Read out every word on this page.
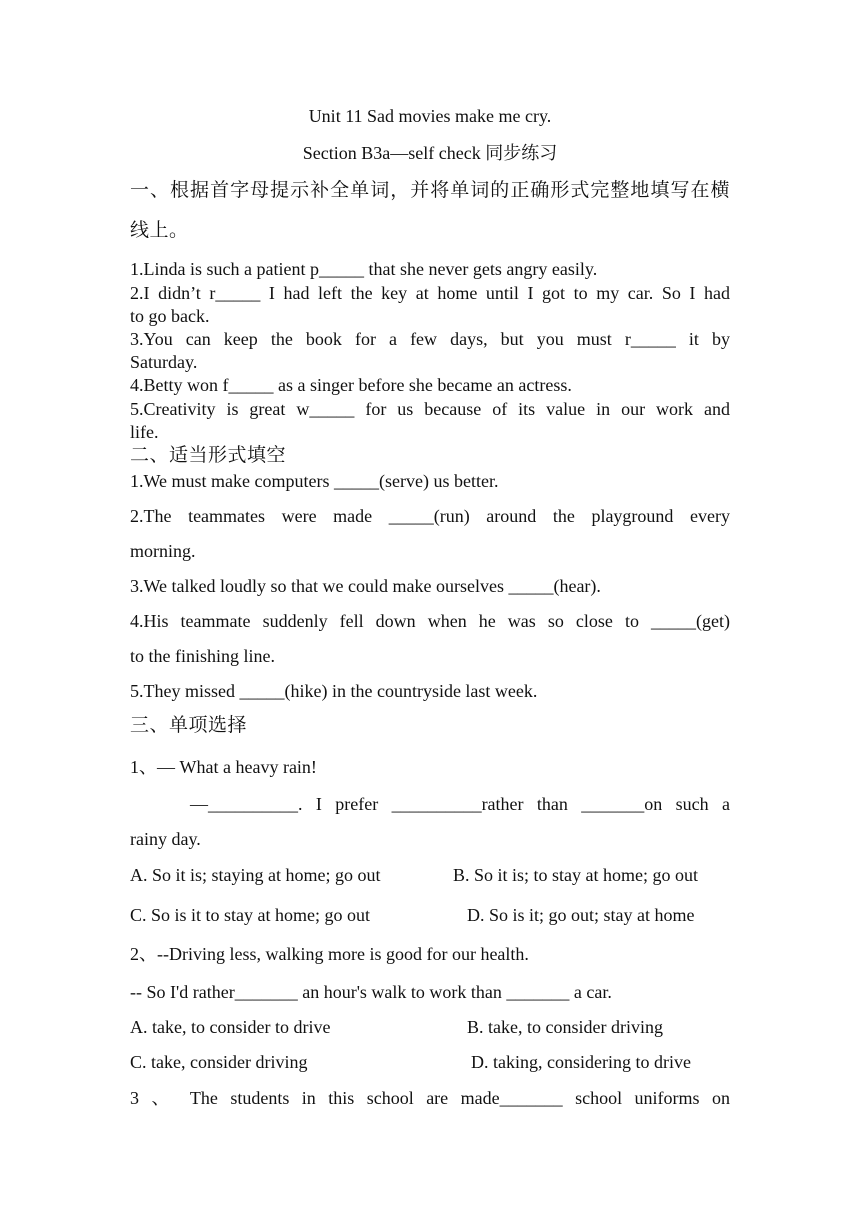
Unit 11 Sad movies make me cry.

Section B3a—self check 同步练习

一、根据首字母提示补全单词，并将单词的正确形式完整地填写在横

线上。

1.Linda is such a patient p_____ that she never gets angry easily.

2.I didn’t r_____ I had left the key at home until I got to my car. So I had

to go back.

3.You can keep the book for a few days, but you must r_____ it by

Saturday.

4.Betty won f_____ as a singer before she became an actress.

5.Creativity is great w_____ for us because of its value in our work and

life.

二、适当形式填空

1.We must make computers _____(serve) us better.

2.The teammates were made _____(run) around the playground every

morning.

3.We talked loudly so that we could make ourselves _____(hear).

4.His teammate suddenly fell down when he was so close to _____(get)

to the finishing line.

5.They missed _____(hike) in the countryside last week.

三、单项选择

1、— What a heavy rain!

—__________. I prefer __________rather than _______on such a

rainy day.

A. So it is; staying at home; go out	B. So it is; to stay at home; go out

C. So is it to stay at home; go out	D. So is it; go out; stay at home

2、--Driving less, walking more is good for our health.

-- So I'd rather_______ an hour's walk to work than _______ a car.

A. take, to consider to drive	B. take, to consider driving

C. take, consider driving	D. taking, considering to drive

3 、 The students in this school are made_______ school uniforms on
